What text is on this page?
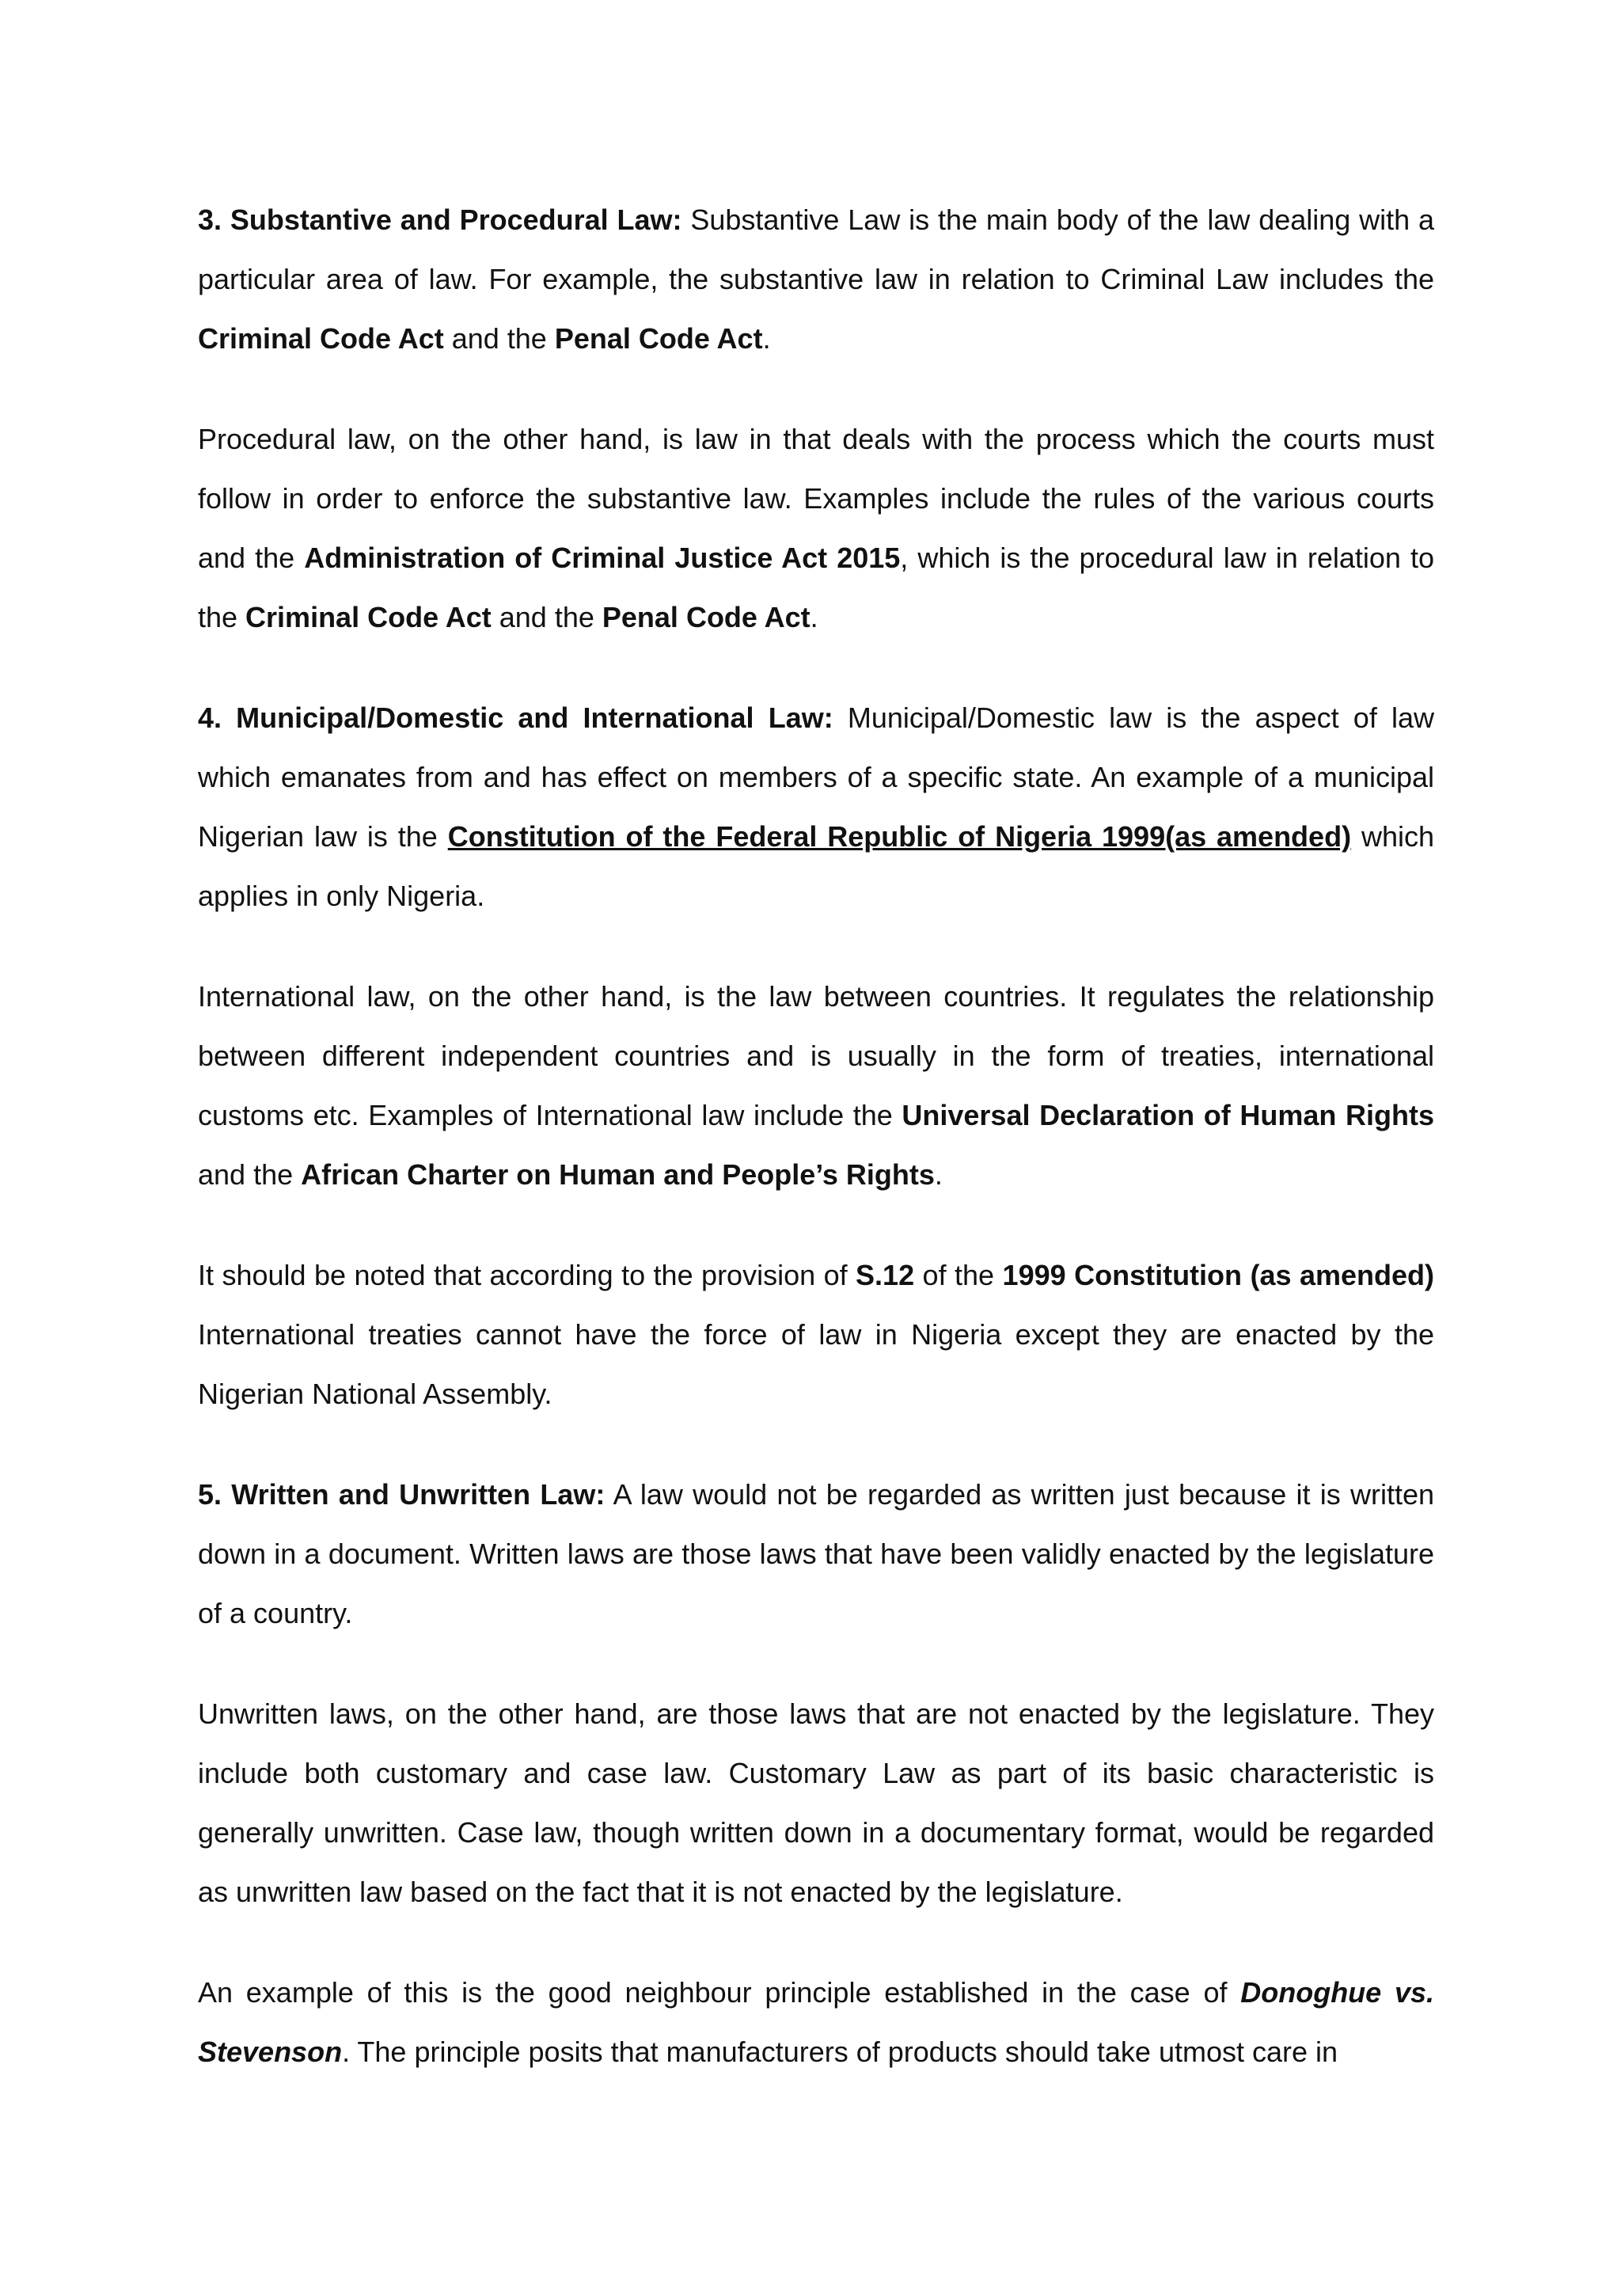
3. Substantive and Procedural Law: Substantive Law is the main body of the law dealing with a particular area of law. For example, the substantive law in relation to Criminal Law includes the Criminal Code Act and the Penal Code Act.

Procedural law, on the other hand, is law in that deals with the process which the courts must follow in order to enforce the substantive law. Examples include the rules of the various courts and the Administration of Criminal Justice Act 2015, which is the procedural law in relation to the Criminal Code Act and the Penal Code Act.

4. Municipal/Domestic and International Law: Municipal/Domestic law is the aspect of law which emanates from and has effect on members of a specific state. An example of a municipal Nigerian law is the Constitution of the Federal Republic of Nigeria 1999(as amended) which applies in only Nigeria.

International law, on the other hand, is the law between countries. It regulates the relationship between different independent countries and is usually in the form of treaties, international customs etc. Examples of International law include the Universal Declaration of Human Rights and the African Charter on Human and People’s Rights.

It should be noted that according to the provision of S.12 of the 1999 Constitution (as amended) International treaties cannot have the force of law in Nigeria except they are enacted by the Nigerian National Assembly.

5. Written and Unwritten Law: A law would not be regarded as written just because it is written down in a document. Written laws are those laws that have been validly enacted by the legislature of a country.

Unwritten laws, on the other hand, are those laws that are not enacted by the legislature. They include both customary and case law. Customary Law as part of its basic characteristic is generally unwritten. Case law, though written down in a documentary format, would be regarded as unwritten law based on the fact that it is not enacted by the legislature.

An example of this is the good neighbour principle established in the case of Donoghue vs. Stevenson. The principle posits that manufacturers of products should take utmost care in
